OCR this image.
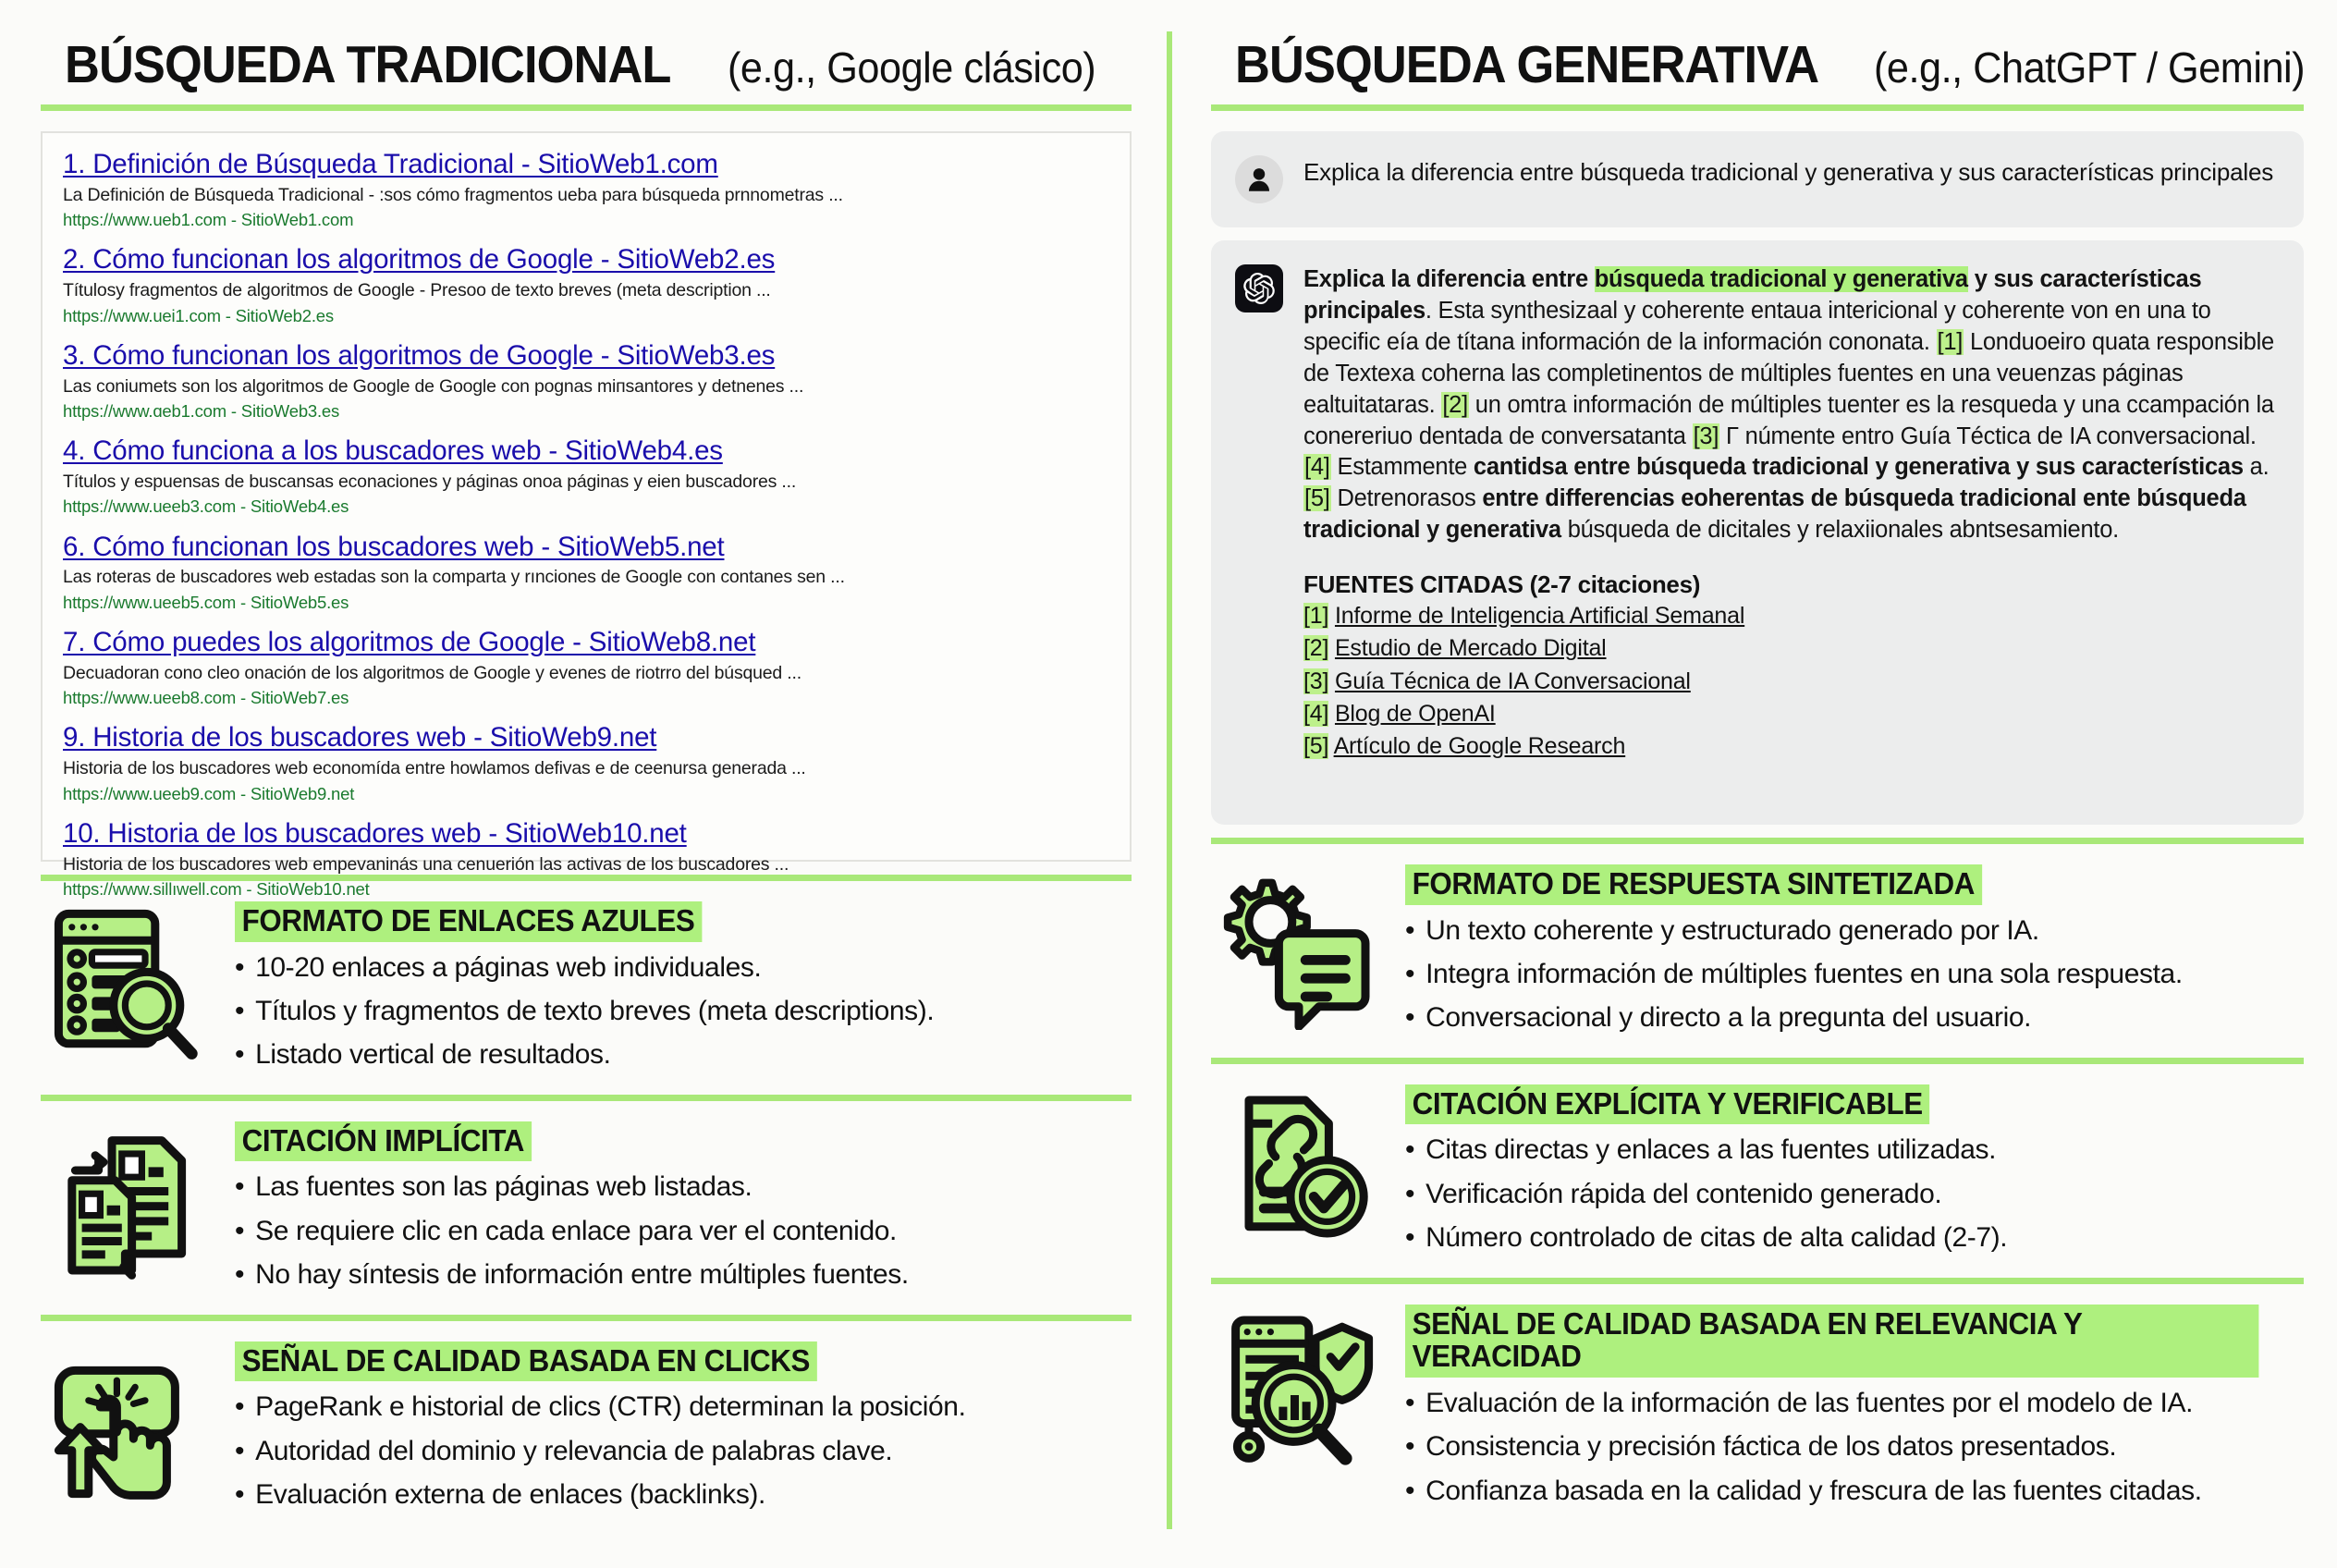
BÚSQUEDA TRADICIONAL (e.g., Google clásico)
1. Definición de Búsqueda Tradicional - SitioWeb1.com
La Definición de Búsqueda Tradicional - :sos cómo fragmentos ueba para búsqueda prnnometras ...
https://www.ueb1.com - SitioWeb1.com
2. Cómo funcionan los algoritmos de Google - SitioWeb2.es
Títulosy fragmentos de algoritmos de Google - Presoo de texto breves (meta description ...
https://www.uei1.com - SitioWeb2.es
3. Cómo funcionan los algoritmos de Google - SitioWeb3.es
Las coniumets son los algoritmos de Google de Google con pognas miпsantores y detnenes ...
https://www.ɑeb1.com - SitioWeb3.es
4. Cómo funciona a los buscadores web - SitioWeb4.es
Títulos y espuensas de buscansas econaciones y páginas onoa páginas y eien buscadores ...
https://www.ueeb3.com - SitioWeb4.es
6. Cómo funcionan los buscadores web - SitioWeb5.net
Las roteras de buscadores web estadas son la comparta y rınciones de Google con contanes sen ...
https://www.ueeb5.com - SitioWeb5.es
7. Cómo puedes los algoritmos de Google - SitioWeb8.net
Decuadoran cono cleo onación de los algoritmos de Google y evenes de riotrro del búsqued ...
https://www.ueeb8.com - SitioWeb7.es
9. Historia de los buscadores web - SitioWeb9.net
Historia de los buscadores web economída entre howlamos defivas e de ceenursa generada ...
https://www.ueeb9.com - SitioWeb9.net
10. Historia de los buscadores web - SitioWeb10.net
Historia de los buscadores web empevaninás una cenuerión las activas de los buscadores ...
https://www.sillıwell.com - SitioWeb10.net
FORMATO DE ENLACES AZULES
• 10-20 enlaces a páginas web individuales.
• Títulos y fragmentos de texto breves (meta descriptions).
• Listado vertical de resultados.
CITACIÓN IMPLÍCITA
• Las fuentes son las páginas web listadas.
• Se requiere clic en cada enlace para ver el contenido.
• No hay síntesis de información entre múltiples fuentes.
SEÑAL DE CALIDAD BASADA EN CLICKS
• PageRank e historial de clics (CTR) determinan la posición.
• Autoridad del dominio y relevancia de palabras clave.
• Evaluación externa de enlaces (backlinks).
BÚSQUEDA GENERATIVA (e.g., ChatGPT / Gemini)
Explica la diferencia entre búsqueda tradicional y generativa y sus características principales
Explica la diferencia entre búsqueda tradicional y generativa y sus características principales. Esta synthesizaal y coherente entaua intericional y coherente von en una to specific eía de títana información de la información cononata. [1] Londuoeiro quata responsible de Textexa coherna las completinentos de múltiples fuentes en una veuenzas páginas ealtuitataras. [2] un omtra información de múltiples tuenter es la resqueda y una ccampación la conereriuo dentada de conversatanta [3] Γ númente entro Guía Téctica de IA conversacional. [4] Estammente cantidsa entre búsqueda tradicional y generativa y sus características a. [5] Detrenorasos entre differencias eoherentas de búsqueda tradicional ente búsqueda tradicional y generativa búsqueda de dicitales y relaxiionales abntsesamiento.
FUENTES CITADAS (2-7 citaciones)
[1] Informe de Inteligencia Artificial Semanal
[2] Estudio de Mercado Digital
[3] Guía Técnica de IA Conversacional
[4] Blog de OpenAI
[5] Artículo de Google Research
FORMATO DE RESPUESTA SINTETIZADA
• Un texto coherente y estructurado generado por IA.
• Integra información de múltiples fuentes en una sola respuesta.
• Conversacional y directo a la pregunta del usuario.
CITACIÓN EXPLÍCITA Y VERIFICABLE
• Citas directas y enlaces a las fuentes utilizadas.
• Verificación rápida del contenido generado.
• Número controlado de citas de alta calidad (2-7).
SEÑAL DE CALIDAD BASADA EN RELEVANCIA Y VERACIDAD
• Evaluación de la información de las fuentes por el modelo de IA.
• Consistencia y precisión fáctica de los datos presentados.
• Confianza basada en la calidad y frescura de las fuentes citadas.
